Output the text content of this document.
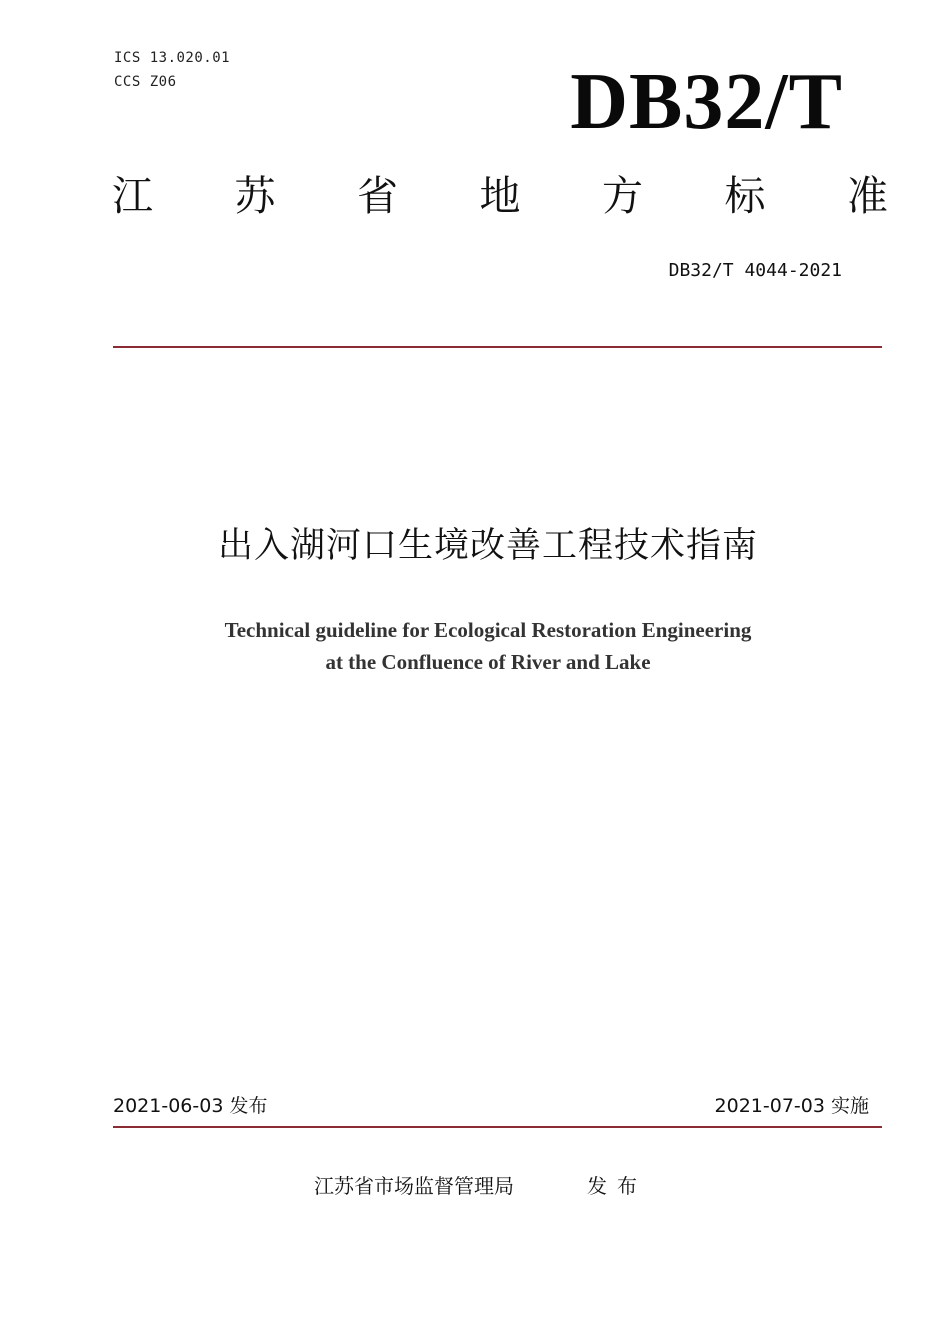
ICS 13.020.01
CCS Z06	DB32/T
江 苏 省 地 方 标 准
DB32/T 4044-2021
出入湖河口生境改善工程技术指南
Technical guideline for Ecological Restoration Engineering
at the Confluence of River and Lake
2021-06-03 发布	2021-07-03 实施
江苏省市场监督管理局	发布
